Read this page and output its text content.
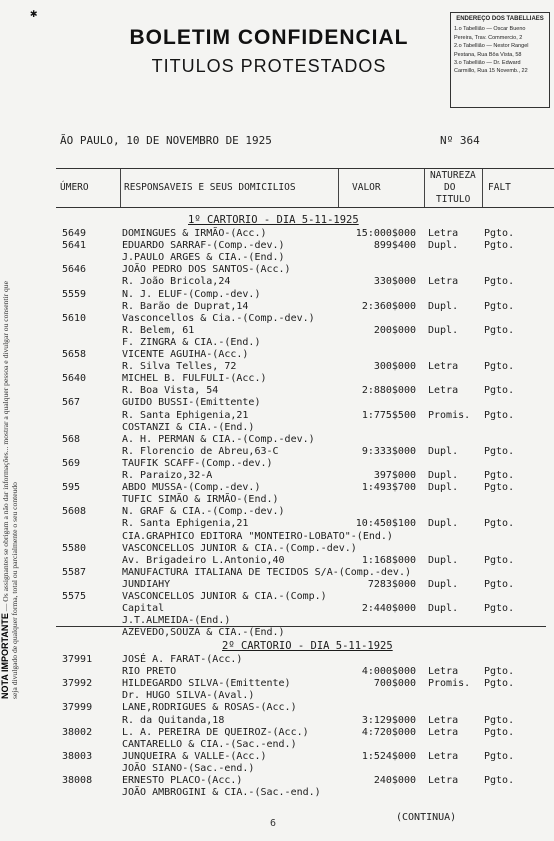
✱
BOLETIM CONFIDENCIAL
TITULOS PROTESTADOS
ENDEREÇO DOS TABELLIÃES
1.o Tabellião — Oscar Bueno
Pereira, Trav. Commercio, 2
2.o Tabellião — Nestor Rangel
Pestana, Rua Bôa Vista, 58
3.o Tabellião — Dr. Edward
Carmillo, Rua 15 Novemb., 22
NOTA IMPORTANTE — Os assignantes se obrigam a não dar informações... mostrar a qualquer pessoa e divulgar ou consentir que seja divulgado de qualquer forma, total ou parcialmente o seu conteudo
ÃO PAULO, 10 DE NOVEMBRO DE 1925	Nº 364
ÚMERO	RESPONSAVEIS E SEUS DOMICILIOS	VALOR
NATUREZA
DO
TITULO
FALT
1º CARTORIO - DIA 5-11-1925
5649	DOMINGUES & IRMÃO-(Acc.)	15:000$000 Letra	Pgto.
5641	EDUARDO SARRAF-(Comp.-dev.)	899$400 Dupl.	Pgto.
J.PAULO ARGES & CIA.-(End.)
5646	JOÃO PEDRO DOS SANTOS-(Acc.)
R. João Bricola,24	330$000 Letra	Pgto.
5559	N. J. ELUF-(Comp.-dev.)
R. Barão de Duprat,14	2:360$000 Dupl.	Pgto.
5610	Vasconcellos & Cia.-(Comp.-dev.)
R. Belem, 61	200$000 Dupl.	Pgto.
F. ZINGRA & CIA.-(End.)
5658	VICENTE AGUIHA-(Acc.)
R. Silva Telles, 72	300$000 Letra	Pgto.
5640	MICHEL B. FULFULI-(Acc.)
R. Boa Vista, 54	2:880$000 Letra	Pgto.
567	GUIDO BUSSI-(Emittente)
R. Santa Ephigenia,21	1:775$500 Promis. Pgto.
COSTANZI & CIA.-(End.)
568	A. H. PERMAN & CIA.-(Comp.-dev.)
R. Florencio de Abreu,63-C	9:333$000 Dupl.	Pgto.
569	TAUFIK SCAFF-(Comp.-dev.)
R. Paraizo,32-A	397$000 Dupl.	Pgto.
595	ABDO MUSSA-(Comp.-dev.)	1:493$700 Dupl.	Pgto.
TUFIC SIMÃO & IRMÃO-(End.)
5608	N. GRAF & CIA.-(Comp.-dev.)
R. Santa Ephigenia,21	10:450$100 Dupl.	Pgto.
CIA.GRAPHICO EDITORA "MONTEIRO-LOBATO"-(End.)
5580	VASCONCELLOS JUNIOR & CIA.-(Comp.-dev.)
Av. Brigadeiro L.Antonio,40	1:168$000 Dupl.	Pgto.
5587	MANUFACTURA ITALIANA DE TECIDOS S/A-(Comp.-dev.)
JUNDIAHY	7283$000 Dupl.	Pgto.
5575	VASCONCELLOS JUNIOR & CIA.-(Comp.)
Capital	2:440$000 Dupl.	Pgto.
J.T.ALMEIDA-(End.)
AZEVEDO,SOUZA & CIA.-(End.)
2º CARTORIO - DIA 5-11-1925
37991	JOSÉ A. FARAT-(Acc.)
RIO PRETO	4:000$000 Letra	Pgto.
37992	HILDEGARDO SILVA-(Emittente)	700$000 Promis. Pgto.
Dr. HUGO SILVA-(Aval.)
37999	LANE,RODRIGUES & ROSAS-(Acc.)
R. da Quitanda,18	3:129$000 Letra	Pgto.
38002	L. A. PEREIRA DE QUEIROZ-(Acc.)	4:720$000 Letra	Pgto.
CANTARELLO & CIA.-(Sac.-end.)
38003	JUNQUEIRA & VALLE-(Acc.)	1:524$000 Letra	Pgto.
JOÃO SIANO-(Sac.-end.)
38008	ERNESTO PLACO-(Acc.)	240$000 Letra	Pgto.
JOÃO AMBROGINI & CIA.-(Sac.-end.)
(CONTINUA)
6
